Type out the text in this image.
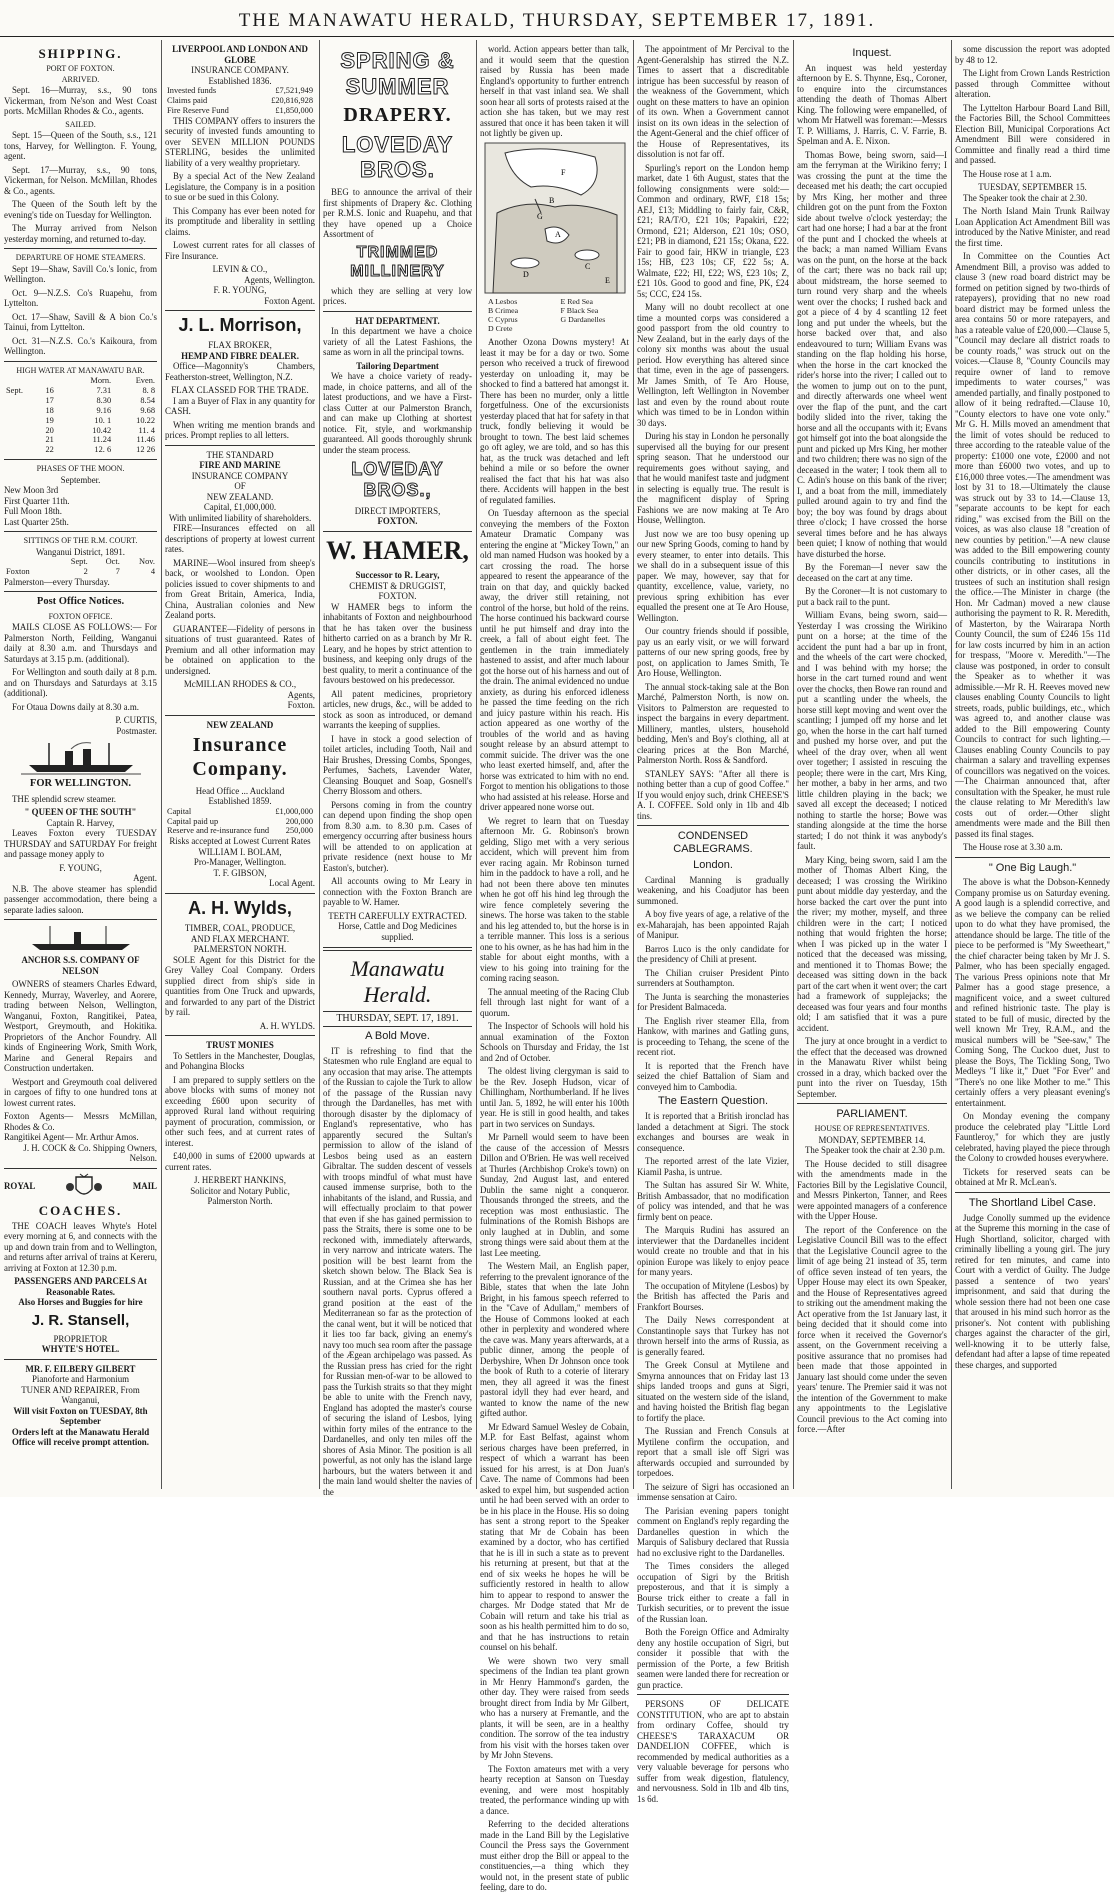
THE MANAWATU HERALD, THURSDAY, SEPTEMBER 17, 1891.
SHIPPING.
PORT OF FOXTON.
ARRIVED.

Sept. 16—Murray, s.s., 90 tons Vickerman, from Ne'son and West Coast ports. McMillan Rhodes & Co., agents.

SAILED.

Sept. 15—Queen of the South, s.s., 121 tons, Harvey, for Wellington. F. Young, agent.

Sept. 17—Murray, s.s., 90 tons, Vickerman, for Nelson. McMillan, Rhodes & Co., agents.

The Queen of the South left by the evening's tide on Tuesday for Wellington.

The Murray arrived from Nelson yesterday morning, and returned to-day.

DEPARTURE OF HOME STEAMERS.

Sept 19—Shaw, Savill Co.'s Ionic, from Wellington.

Oct. 9—N.Z.S. Co's Ruapehu, from Lyttelton.

Oct. 17—Shaw, Savill & A bion Co.'s Tainui, from Lyttelton.

Oct. 31—N.Z.S. Co.'s Kaikoura, from Wellington.

HIGH WATER AT MANAWATU BAR.
		Morn.	Even.
Sept.	16	7.31	8. 8
	17	8.30	8.54
	18	9.16	9.68
	19	10. 1	10.22
	20	10.42	11. 4
	21	11.24	11.46
	22	12. 6	12 26
PHASES OF THE MOON.
September.
New Moon 3rd
First Quarter 11th.
Full Moon 18th.
Last Quarter 25th.
SITTINGS OF THE R.M. COURT.
Wanganui District, 1891.
	Sept.	Oct.	Nov.
Foxton	2	7	4
Palmerston—every Thursday.
Post Office Notices.
FOXTON OFFICE.

MAILS CLOSE AS FOLLOWS:— For Palmerston North, Feilding, Wanganui daily at 8.30 a.m. and Thursdays and Saturdays at 3.15 p.m. (additional).

For Wellington and south daily at 8 p.m. and on Thursdays and Saturdays at 3.15 (additional).

For Otaua Downs daily at 8.30 a.m.

P. CURTIS,
Postmaster.
FOR WELLINGTON.

THE splendid screw steamer.

" QUEEN OF THE SOUTH"
Captain R. Harvey,

Leaves Foxton every TUESDAY THURSDAY and SATURDAY For freight and passage money apply to

F. YOUNG,
Agent.

N.B. The above steamer has splendid passenger accommodation, there being a separate ladies saloon.

ANCHOR S.S. COMPANY OF NELSON

OWNERS of steamers Charles Edward, Kennedy, Murray, Waverley, and Aorere, trading between Nelson, Wellington, Wanganui, Foxton, Rangitikei, Patea, Westport, Greymouth, and Hokitika. Proprietors of the Anchor Foundry. All kinds of Engineering Work, Smith Work, Marine and General Repairs and Construction undertaken.

Westport and Greymouth coal delivered in cargoes of fifty to one hundred tons at lowest current rates.

Foxton Agents— Messrs McMillan, Rhodes & Co.
Rangitikei Agent— Mr. Arthur Amos.
J. H. COCK & Co. Shipping Owners, Nelson.
ROYAL	MAIL
COACHES.

THE COACH leaves Whyte's Hotel every morning at 6, and connects with the up and down train from and to Wellington, and returns after arrival of trains at Kereru, arriving at Foxton at 12.30 p.m.

PASSENGERS AND PARCELS At Reasonable Rates.
Also Horses and Buggies for hire
J. R. Stansell,
PROPRIETOR
WHYTE'S HOTEL.
MR. F. EILBERY GILBERT
Pianoforte and Harmonium
TUNER AND REPAIRER, From Wanganui,
Will visit Foxton on TUESDAY, 8th September
Orders left at the Manawatu Herald Office will receive prompt attention.
LIVERPOOL AND LONDON AND GLOBE
INSURANCE COMPANY.
Established 1836.
Invested funds	£7,521,949
Claims paid	£20,816,928
Fire Reserve Fund	£1,850,000

THIS COMPANY offers to insurers the security of invested funds amounting to over SEVEN MILLION POUNDS STERLING, besides the unlimited liability of a very wealthy proprietary.

By a special Act of the New Zealand Legislature, the Company is in a position to sue or be sued in this Colony.

This Company has ever been noted for its promptitude and liberality in settling claims.

Lowest current rates for all classes of Fire Insurance.

LEVIN & CO.,
Agents, Wellington.
F. R. YOUNG,
Foxton Agent.
J. L. Morrison,
FLAX BROKER,
HEMP AND FIBRE DEALER.

Office—Magonnity's Chambers, Featherston-street, Wellington, N.Z.

FLAX CLASSED FOR THE TRADE.

I am a Buyer of Flax in any quantity for CASH.

When writing me mention brands and prices. Prompt replies to all letters.

THE STANDARD
FIRE AND MARINE
INSURANCE COMPANY
OF
NEW ZEALAND.
Capital, £1,000,000.
With unlimited liability of shareholders.

FIRE—Insurances effected on all descriptions of property at lowest current rates.

MARINE—Wool insured from sheep's back, or woolshed to London. Open policies issued to cover shipments to and from Great Britain, America, India, China, Australian colonies and New Zealand ports.

GUARANTEE—Fidelity of persons in situations of trust guaranteed. Rates of Premium and all other information may be obtained on application to the undersigned.

McMILLAN RHODES & CO.,
Agents,
Foxton.
NEW ZEALAND
Insurance Company.
Head Office ... Auckland
Established 1859.
Capital	£1,000,000
Capital paid up	200,000
Reserve and re-insurance fund	250,000
Risks accepted at Lowest Current Rates
WILLIAM I. BOLAM,
Pro-Manager, Wellington.
T. F. GIBSON,
Local Agent.
A. H. Wylds,
TIMBER, COAL, PRODUCE,
AND FLAX MERCHANT.
PALMERSTON NORTH.

SOLE Agent for this District for the Grey Valley Coal Company. Orders supplied direct from ship's side in quantities from One Truck and upwards, and forwarded to any part of the District by rail.

A. H. WYLDS.
TRUST MONIES

To Settlers in the Manchester, Douglas, and Pohangina Blocks

I am prepared to supply settlers on the above blocks with sums of money not exceeding £600 upon security of approved Rural land without requiring payment of procuration, commission, or other such fees, and at current rates of interest.

£40,000 in sums of £2000 upwards at current rates.

J. HERBERT HANKINS,
Solicitor and Notary Public,
Palmerston North.
SPRING & SUMMER
DRAPERY.
LOVEDAY BROS.

BEG to announce the arrival of their first shipments of Drapery &c. Clothing per R.M.S. Ionic and Ruapehu, and that they have opened up a Choice Assortment of

TRIMMED MILLINERY

which they are selling at very low prices.

HAT DEPARTMENT.

In this department we have a choice variety of all the Latest Fashions, the same as worn in all the principal towns.

Tailoring Department

We have a choice variety of ready-made, in choice patterns, and all of the latest productions, and we have a First-class Cutter at our Palmerston Branch, and can make up Clothing at shortest notice. Fit, style, and workmanship guaranteed. All goods thoroughly shrunk under the steam process.

LOVEDAY BROS.,
DIRECT IMPORTERS,
FOXTON.
W. HAMER,
Successor to R. Leary,
CHEMIST & DRUGGIST,
FOXTON.

W HAMER begs to inform the inhabitants of Foxton and neighbourhood that he has taken over the business hitherto carried on as a branch by Mr R. Leary, and he hopes by strict attention to business, and keeping only drugs of the best quality, to merit a continuance of the favours bestowed on his predecessor.

All patent medicines, proprietory articles, new drugs, &c., will be added to stock as soon as introduced, or demand warrants the keeping of supplies.

I have in stock a good selection of toilet articles, including Tooth, Nail and Hair Brushes, Dressing Combs, Sponges, Perfumes, Sachets, Lavender Water, Cleansing Bouquet and Soap, Gosnell's Cherry Blossom and others.

Persons coming in from the country can depend upon finding the shop open from 8.30 a.m. to 8.30 p.m. Cases of emergency occurring after business hours will be attended to on application at private residence (next house to Mr Easton's, butcher).

All accounts owing to Mr Leary in connection with the Foxton Branch are payable to W. Hamer.

TEETH CAREFULLY EXTRACTED.
Horse, Cattle and Dog Medicines supplied.
Manawatu Herald.
THURSDAY, SEPT. 17, 1891.
A Bold Move.

IT is refreshing to find that the Statesmen who rule England are equal to any occasion that may arise. The attempts of the Russian to cajole the Turk to allow of the passage of the Russian navy through the Dardanelles, has met with thorough disaster by the diplomacy of England's representative, who has apparently secured the Sultan's permission to allow of the island of Lesbos being used as an eastern Gibraltar. The sudden descent of vessels with troops mindful of what must have caused immense surprise, both to the inhabitants of the island, and Russia, and will effectually proclaim to that power that even if she has gained permission to pass the Straits, there is some one to be reckoned with, immediately afterwards, in very narrow and intricate waters. The position will be best learnt from the sketch shown below. The Black Sea is Russian, and at the Crimea she has her southern naval ports. Cyprus offered a grand position at the east of the Mediterranean so far as the protection of the canal went, but it will be noticed that it lies too far back, giving an enemy's navy too much sea room after the passage of the Ægean archipelago was passed. As the Russian press has cried for the right for Russian men-of-war to be allowed to pass the Turkish straits so that they might be able to unite with the French navy, England has adopted the master's course of securing the island of Lesbos, lying within forty miles of the entrance to the Dardanelles, and only ten miles off the shores of Asia Minor. The position is all powerful, as not only has the island large harbours, but the waters between it and the main land would shelter the navies of the

world. Action appears better than talk, and it would seem that the question raised by Russia has been made England's opportunity to further entrench herself in that vast inland sea. We shall soon hear all sorts of protests raised at the action she has taken, but we may rest assured that once it has been taken it will not lightly be given up.

F
B
G
A
D
C
E
A Lesbos	E Red Sea
B Crimea	F Black Sea
C Cyprus	G Dardanelles
D Crete

Another Ozona Downs mystery! At least it may be for a day or two. Some person who received a truck of firewood yesterday on unloading it, may be shocked to find a battered hat amongst it. There has been no murder, only a little forgetfulness. One of the excursionists yesterday placed that hat for safety in that truck, fondly believing it would be brought to town. The best laid schemes go oft agley, we are told, and so has this hat, as the truck was detached and left behind a mile or so before the owner realised the fact that his hat was also there. Accidents will happen in the best of regulated families.

On Tuesday afternoon as the special conveying the members of the Foxton Amateur Dramatic Company was entering the engine at "Mickey Town," an old man named Hudson was hooked by a cart crossing the road. The horse appeared to resent the appearance of the train on that day, and quickly backed away, the driver still retaining, not control of the horse, but hold of the reins. The horse continued his backward course until he put himself and dray into the creek, a fall of about eight feet. The gentlemen in the train immediately hastened to assist, and after much labour got the horse out of his harness and out of the drain. The animal evidenced no undue anxiety, as during his enforced idleness he passed the time feeding on the rich and juicy pasture within his reach. His action appeared as one worthy of the troubles of the world and as having sought release by an absurd attempt to commit suicide. The driver was the one who least exerted himself, and, after the horse was extricated to him with no end. Forgot to mention his obligations to those who had assisted at his release. Horse and driver appeared none worse out.

We regret to learn that on Tuesday afternoon Mr. G. Robinson's brown gelding, Sligo met with a very serious accident, which will prevent him from ever racing again. Mr Robinson turned him in the paddock to have a roll, and he had not been there above ten minutes when he got off his hind leg through the wire fence completely severing the sinews. The horse was taken to the stable and his leg attended to, but the horse is in a terrible manner. This loss is a serious one to his owner, as he has had him in the stable for about eight months, with a view to his going into training for the coming racing season.

The annual meeting of the Racing Club fell through last night for want of a quorum.

The Inspector of Schools will hold his annual examination of the Foxton Schools on Thursday and Friday, the 1st and 2nd of October.

The oldest living clergyman is said to be the Rev. Joseph Hudson, vicar of Chillingham, Northumberland. If he lives until Jan. 5, 1892, he will enter his 100th year. He is still in good health, and takes part in two services on Sundays.

Mr Parnell would seem to have been the cause of the accession of Messrs Dillon and O'Brien. He was well received at Thurles (Archbishop Croke's town) on Sunday, 2nd August last, and entered Dublin the same night a conqueror. Thousands thronged the streets, and the reception was most enthusiastic. The fulminations of the Romish Bishops are only laughed at in Dublin, and some strong things were said about them at the last Lee meeting.

The Western Mail, an English paper, referring to the prevalent ignorance of the Bible, states that when the late John Bright, in his famous speech referred to in the "Cave of Adullam," members of the House of Commons looked at each other in perplexity and wondered where the cave was. Many years afterwards, at a public dinner, among the people of Derbyshire, When Dr Johnson once took the book of Ruth to a coterie of literary men, they all agreed it was the finest pastoral idyll they had ever heard, and wanted to know the name of the new gifted author.

Mr Edward Samuel Wesley de Cobain, M.P. for East Belfast, against whom serious charges have been preferred, in respect of which a warrant has been issued for his arrest, is at Don Juan's Cave. The name of Commons had been asked to expel him, but suspended action until he had been served with an order to be in his place in the House. His so doing has sent a strong report to the Speaker stating that Mr de Cobain has been examined by a doctor, who has certified that he is ill in such a state as to prevent his returning at present, but that at the end of six weeks he hopes he will be sufficiently restored in health to allow him to appear to respond to answer the charges. Mr Dodge stated that Mr de Cobain will return and take his trial as soon as his health permitted him to do so, and that he has instructions to retain counsel on his behalf.

We were shown two very small specimens of the Indian tea plant grown in Mr Henry Hammond's garden, the other day. They were raised from seeds brought direct from India by Mr Gilbert, who has a nursery at Fremantle, and the plants, it will be seen, are in a healthy condition. The sorrow of the tea industry from his visit with the horses taken over by Mr John Stevens.

The Foxton amateurs met with a very hearty reception at Sanson on Tuesday evening, and were most hospitably treated, the performance winding up with a dance.

Referring to the decided alterations made in the Land Bill by the Legislative Council the Press says the Government must either drop the Bill or appeal to the constituencies,—a thing which they would not, in the present state of public feeling, dare to do.

The appointment of Mr Percival to the Agent-Generalship has stirred the N.Z. Times to assert that a discreditable intrigue has been successful by reason of the weakness of the Government, which ought on these matters to have an opinion of its own. When a Government cannot insist on its own ideas in the selection of the Agent-General and the chief officer of the House of Representatives, its dissolution is not far off.

Spurling's report on the London hemp market, date 1 6th August, states that the following consignments were sold:—Common and ordinary, RWF, £18 15s; AEJ, £13; Middling to fairly fair, C&R, £21; RA/T/O, £21 10s; Papakiri, £22; Ormond, £21; Alderson, £21 10s; OSO, £21; PB in diamond, £21 15s; Okana, £22. Fair to good fair, HKW in triangle, £23 15s; HB, £23 10s; CF, £22 5s; A. Walmate, £22; HI, £22; WS, £23 10s; Z, £21 10s. Good to good and fine, PK, £24 5s; CCC, £24 15s.

Many will no doubt recollect at one time a mounted corps was considered a good passport from the old country to New Zealand, but in the early days of the colony six months was about the usual period. How everything has altered since that time, even in the age of passengers. Mr James Smith, of Te Aro House, Wellington, left Wellington in November last and even by the round about route which was timed to be in London within 30 days.

During his stay in London he personally supervised all the buying for our present spring season. That he understood our requirements goes without saying, and that he would manifest taste and judgment in selecting is equally true. The result is the magnificent display of Spring Fashions we are now making at Te Aro House, Wellington.

Just now we are too busy opening up our new Spring Goods, coming to hand by every steamer, to enter into details. This we shall do in a subsequent issue of this paper. We may, however, say that for quantity, excellence, value, variety, no previous spring exhibition has ever equalled the present one at Te Aro House, Wellington.

Our country friends should if possible, pay us an early visit, or we will forward patterns of our new spring goods, free by post, on application to James Smith, Te Aro House, Wellington.

The annual stock-taking sale at the Bon Marché, Palmerston North, is now on. Visitors to Palmerston are requested to inspect the bargains in every department. Millinery, mantles, ulsters, household bedding, Men's and Boy's clothing, all at clearing prices at the Bon Marché, Palmerston North. Ross & Sandford.

STANLEY SAYS: "After all there is nothing better than a cup of good Coffee." If you would enjoy such, drink CHEESE'S A. I. COFFEE. Sold only in 1lb and 4lb tins.

CONDENSED CABLEGRAMS.
London.

Cardinal Manning is gradually weakening, and his Coadjutor has been summoned.

A boy five years of age, a relative of the ex-Maharajah, has been appointed Rajah of Manipur.

Barros Luco is the only candidate for the presidency of Chili at present.

The Chilian cruiser President Pinto surrenders at Southampton.

The Junta is searching the monasteries for President Balmaceda.

The English river steamer Ella, from Hankow, with marines and Gatling guns, is proceeding to Tehang, the scene of the recent riot.

It is reported that the French have seized the chief Battalion of Siam and conveyed him to Cambodia.

The Eastern Question.

It is reported that a British ironclad has landed a detachment at Sigri. The stock exchanges and bourses are weak in consequence.

The reported arrest of the late Vizier, Kiamil Pasha, is untrue.

The Sultan has assured Sir W. White, British Ambassador, that no modification of policy was intended, and that he was firmly bent on peace.

The Marquis Rudini has assured an interviewer that the Dardanelles incident would create no trouble and that in his opinion Europe was likely to enjoy peace for many years.

The occupation of Mitylene (Lesbos) by the British has affected the Paris and Frankfort Bourses.

The Daily News correspondent at Constantinople says that Turkey has not thrown herself into the arms of Russia, as is generally feared.

The Greek Consul at Mytilene and Smyrna announces that on Friday last 13 ships landed troops and guns at Sigri, situated on the western side of the island, and having hoisted the British flag began to fortify the place.

The Russian and French Consuls at Mytilene confirm the occupation, and report that a small isle off Sigri was afterwards occupied and surrounded by torpedoes.

The seizure of Sigri has occasioned an immense sensation at Cairo.

The Parisian evening papers tonight comment on England's reply regarding the Dardanelles question in which the Marquis of Salisbury declared that Russia had no exclusive right to the Dardanelles.

The Times considers the alleged occupation of Sigri by the British preposterous, and that it is simply a Bourse trick either to create a fall in Turkish securities, or to prevent the issue of the Russian loan.

Both the Foreign Office and Admiralty deny any hostile occupation of Sigri, but consider it possible that with the permission of the Porte, a few British seamen were landed there for recreation or gun practice.

PERSONS OF DELICATE CONSTITUTION, who are apt to abstain from ordinary Coffee, should try CHEESE'S TARAXACUM OR DANDELION COFFEE, which is recommended by medical authorities as a very valuable beverage for persons who suffer from weak digestion, flatulency, and nervousness. Sold in 1lb and 4lb tins, 1s 6d.

Inquest.

An inquest was held yesterday afternoon by E. S. Thynne, Esq., Coroner, to enquire into the circumstances attending the death of Thomas Albert King. The following were empanelled, of whom Mr Hatwell was foreman:—Messrs T. P. Williams, J. Harris, C. V. Farrie, B. Spelman and A. E. Nixon.

Thomas Bowe, being sworn, said—I am the ferryman at the Wirikino ferry; I was crossing the punt at the time the deceased met his death; the cart occupied by Mrs King, her mother and three children got on the punt from the Foxton side about twelve o'clock yesterday; the cart had one horse; I had a bar at the front of the punt and I chocked the wheels at the back; a man named William Evans was on the punt, on the horse at the back of the cart; there was no back rail up; about midstream, the horse seemed to turn round very sharp and the wheels went over the chocks; I rushed back and got a piece of 4 by 4 scantling 12 feet long and put under the wheels, but the horse backed over that, and also endeavoured to turn; William Evans was standing on the flap holding his horse, when the horse in the cart knocked the rider's horse into the river; I called out to the women to jump out on to the punt, and directly afterwards one wheel went over the flap of the punt, and the cart bodily slided into the river, taking the horse and all the occupants with it; Evans got himself got into the boat alongside the punt and picked up Mrs King, her mother and two children; there was no sign of the deceased in the water; I took them all to C. Adin's house on this bank of the river; I, and a boat from the mill, immediately pulled around again to try and find the boy; the boy was found by drags about three o'clock; I have crossed the horse several times before and he has always been quiet; I know of nothing that would have disturbed the horse.

By the Foreman—I never saw the deceased on the cart at any time.

By the Coroner—It is not customary to put a back rail to the punt.

William Evans, being sworn, said—Yesterday I was crossing the Wirikino punt on a horse; at the time of the accident the punt had a bar up in front, and the wheels of the cart were chocked, and I was behind with my horse; the horse in the cart turned round and went over the chocks, then Bowe ran round and put a scantling under the wheels, the horse still kept moving and went over the scantling; I jumped off my horse and let go, when the horse in the cart half turned and pushed my horse over, and put the wheel of the dray over, when all went over together; I assisted in rescuing the people; there were in the cart, Mrs King, her mother, a baby in her arms, and two little children playing in the back; we saved all except the deceased; I noticed nothing to startle the horse; Bowe was standing alongside at the time the horse started; I do not think it was anybody's fault.

Mary King, being sworn, said I am the mother of Thomas Albert King, the deceased; I was crossing the Wirikino punt about middle day yesterday, and the horse backed the cart over the punt into the river; my mother, myself, and three children were in the cart; I noticed nothing that would frighten the horse; when I was picked up in the water I noticed that the deceased was missing, and mentioned it to Thomas Bowe; the deceased was sitting down in the back part of the cart when it went over; the cart had a framework of supplejacks; the deceased was four years and four months old; I am satisfied that it was a pure accident.

The jury at once brought in a verdict to the effect that the deceased was drowned in the Manawatu River whilst being crossed in a dray, which backed over the punt into the river on Tuesday, 15th September.

PARLIAMENT.
HOUSE OF REPRESENTATIVES.
MONDAY, SEPTEMBER 14.

The Speaker took the chair at 2.30 p.m.

The House decided to still disagree with the amendments made in the Factories Bill by the Legislative Council, and Messrs Pinkerton, Tanner, and Rees were appointed managers of a conference with the Upper House.

The report of the Conference on the Legislative Council Bill was to the effect that the Legislative Council agree to the limit of age being 21 instead of 35, term of office seven instead of ten years, the Upper House may elect its own Speaker, and the House of Representatives agreed to striking out the amendment making the Act operative from the 1st January last, it being decided that it should come into force when it received the Governor's assent, on the Government receiving a positive assurance that no promises had been made that those appointed in January last should come under the seven years' tenure. The Premier said it was not the intention of the Government to make any appointments to the Legislative Council previous to the Act coming into force.—After

some discussion the report was adopted by 48 to 12.

The Light from Crown Lands Restriction passed through Committee without alteration.

The Lyttelton Harbour Board Land Bill, the Factories Bill, the School Committees Election Bill, Municipal Corporations Act Amendment Bill were considered in Committee and finally read a third time and passed.

The House rose at 1 a.m.

TUESDAY, SEPTEMBER 15.

The Speaker took the chair at 2.30.

The North Island Main Trunk Railway Loan Application Act Amendment Bill was introduced by the Native Minister, and read the first time.

In Committee on the Counties Act Amendment Bill, a proviso was added to clause 3 (new road board district may be formed on petition signed by two-thirds of ratepayers), providing that no new road board district may be formed unless the area contains 50 or more ratepayers, and has a rateable value of £20,000.—Clause 5, "Council may declare all district roads to be county roads," was struck out on the voices.—Clause 8, "County Councils may require owner of land to remove impediments to water courses," was amended partially, and finally postponed to allow of it being redrafted.—Clause 10, "County electors to have one vote only." Mr G. H. Mills moved an amendment that the limit of votes should be reduced to three according to the rateable value of the property: £1000 one vote, £2000 and not more than £6000 two votes, and up to £16,000 three votes.—The amendment was lost by 31 to 18.—Ultimately the clause was struck out by 33 to 14.—Clause 13, "separate accounts to be kept for each riding," was excised from the Bill on the voices, as was also clause 18 "creation of new counties by petition."—A new clause was added to the Bill empowering county councils contributing to institutions in other districts, or in other cases, all the trustees of such an institution shall resign the office.—The Minister in charge (the Hon. Mr Cadman) moved a new clause authorising the payment to R. R. Meredith, of Masterton, by the Wairarapa North County Council, the sum of £246 15s 11d for law costs incurred by him in an action for trespass, "Moore v. Meredith."—The clause was postponed, in order to consult the Speaker as to whether it was admissible.—Mr R. H. Reeves moved new clauses enabling County Councils to light streets, roads, public buildings, etc., which was agreed to, and another clause was added to the Bill empowering County Councils to contract for such lighting.—Clauses enabling County Councils to pay chairman a salary and travelling expenses of councillors was negatived on the voices.—The Chairman announced that, after consultation with the Speaker, he must rule the clause relating to Mr Meredith's law costs out of order.—Other slight amendments were made and the Bill then passed its final stages.

The House rose at 3.30 a.m.

" One Big Laugh."

The above is what the Dobson-Kennedy Company promise us on Saturday evening. A good laugh is a splendid corrective, and as we believe the company can be relied upon to do what they have promised, the attendance should be large. The title of the piece to be performed is "My Sweetheart," the chief character being taken by Mr J. S. Palmer, who has been specially engaged. The various Press opinions note that Mr Palmer has a good stage presence, a magnificent voice, and a sweet cultured and refined histrionic taste. The play is stated to be full of music, directed by the well known Mr Trey, R.A.M., and the musical numbers will be "See-saw," The Coming Song, The Cuckoo duet, Just to please the Boys, The Tickling Song, Two Medleys "I like it," Duet "For Ever" and "There's no one like Mother to me." This certainly offers a very pleasant evening's entertainment.

On Monday evening the company produce the celebrated play "Little Lord Fauntleroy," for which they are justly celebrated, having played the piece through the Colony to crowded houses everywhere.

Tickets for reserved seats can be obtained at Mr R. McLean's.

The Shortland Libel Case.

Judge Conolly summed up the evidence at the Supreme this morning in the case of Hugh Shortland, solicitor, charged with criminally libelling a young girl. The jury retired for ten minutes, and came into Court with a verdict of Guilty. The Judge passed a sentence of two years' imprisonment, and said that during the whole session there had not been one case that aroused in his mind such horror as the prisoner's. Not content with publishing charges against the character of the girl, well-knowing it to be utterly false, defendant had after a lapse of time repeated these charges, and supported
